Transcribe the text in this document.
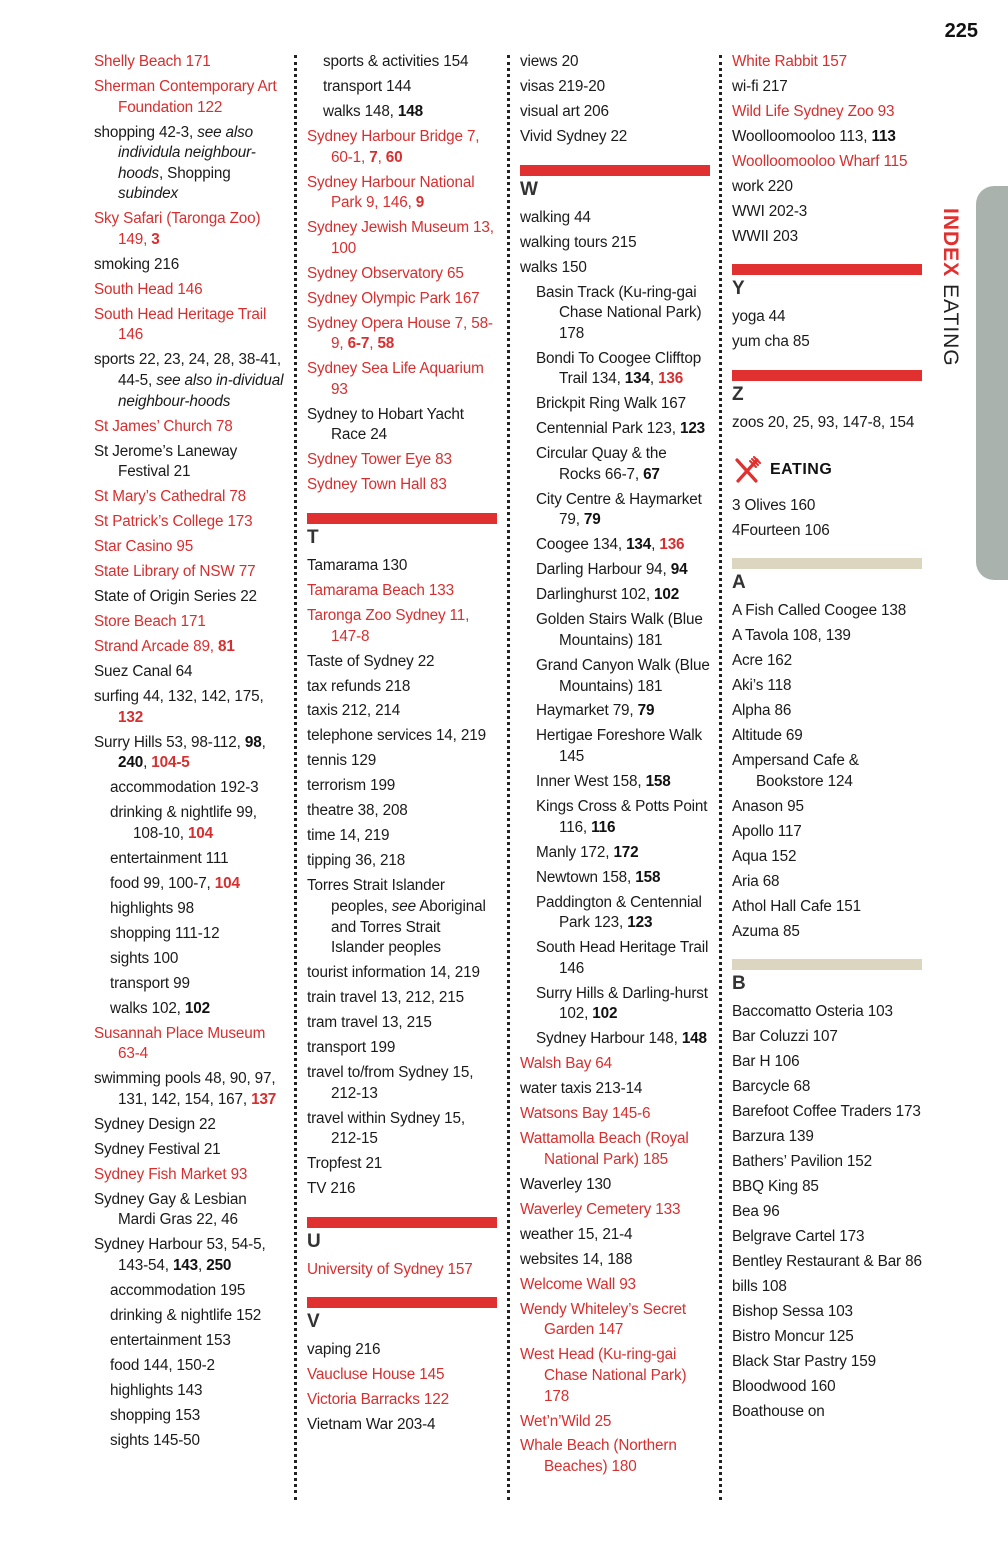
225
INDEX EATING
Shelly Beach 171
Sherman Contemporary Art Foundation 122
shopping 42-3, see also individula neighbour-hoods, Shopping subindex
Sky Safari (Taronga Zoo) 149, 3
smoking 216
South Head 146
South Head Heritage Trail 146
sports 22, 23, 24, 28, 38-41, 44-5, see also in-dividual neighbour-hoods
St James’ Church 78
St Jerome’s Laneway Festival 21
St Mary’s Cathedral 78
St Patrick’s College 173
Star Casino 95
State Library of NSW 77
State of Origin Series 22
Store Beach 171
Strand Arcade 89, 81
Suez Canal 64
surfing 44, 132, 142, 175, 132
Surry Hills 53, 98-112, 98, 240, 104-5
accommodation 192-3
drinking & nightlife 99, 108-10, 104
entertainment 111
food 99, 100-7, 104
highlights 98
shopping 111-12
sights 100
transport 99
walks 102, 102
Susannah Place Museum 63-4
swimming pools 48, 90, 97, 131, 142, 154, 167, 137
Sydney Design 22
Sydney Festival 21
Sydney Fish Market 93
Sydney Gay & Lesbian Mardi Gras 22, 46
Sydney Harbour 53, 54-5, 143-54, 143, 250
accommodation 195
drinking & nightlife 152
entertainment 153
food 144, 150-2
highlights 143
shopping 153
sights 145-50
sports & activities 154
transport 144
walks 148, 148
Sydney Harbour Bridge 7, 60-1, 7, 60
Sydney Harbour National Park 9, 146, 9
Sydney Jewish Museum 13, 100
Sydney Observatory 65
Sydney Olympic Park 167
Sydney Opera House 7, 58-9, 6-7, 58
Sydney Sea Life Aquarium 93
Sydney to Hobart Yacht Race 24
Sydney Tower Eye 83
Sydney Town Hall 83
T
Tamarama 130
Tamarama Beach 133
Taronga Zoo Sydney 11, 147-8
Taste of Sydney 22
tax refunds 218
taxis 212, 214
telephone services 14, 219
tennis 129
terrorism 199
theatre 38, 208
time 14, 219
tipping 36, 218
Torres Strait Islander peoples, see Aboriginal and Torres Strait Islander peoples
tourist information 14, 219
train travel 13, 212, 215
tram travel 13, 215
transport 199
travel to/from Sydney 15, 212-13
travel within Sydney 15, 212-15
Tropfest 21
TV 216
U
University of Sydney 157
V
vaping 216
Vaucluse House 145
Victoria Barracks 122
Vietnam War 203-4
views 20
visas 219-20
visual art 206
Vivid Sydney 22
W
walking 44
walking tours 215
walks 150
Basin Track (Ku-ring-gai Chase National Park) 178
Bondi To Coogee Clifftop Trail 134, 134, 136
Brickpit Ring Walk 167
Centennial Park 123, 123
Circular Quay & the Rocks 66-7, 67
City Centre & Haymarket 79, 79
Coogee 134, 134, 136
Darling Harbour 94, 94
Darlinghurst 102, 102
Golden Stairs Walk (Blue Mountains) 181
Grand Canyon Walk (Blue Mountains) 181
Haymarket 79, 79
Hertigae Foreshore Walk 145
Inner West 158, 158
Kings Cross & Potts Point 116, 116
Manly 172, 172
Newtown 158, 158
Paddington & Centennial Park 123, 123
South Head Heritage Trail 146
Surry Hills & Darling-hurst 102, 102
Sydney Harbour 148, 148
Walsh Bay 64
water taxis 213-14
Watsons Bay 145-6
Wattamolla Beach (Royal National Park) 185
Waverley 130
Waverley Cemetery 133
weather 15, 21-4
websites 14, 188
Welcome Wall 93
Wendy Whiteley’s Secret Garden 147
West Head (Ku-ring-gai Chase National Park) 178
Wet’n’Wild 25
Whale Beach (Northern Beaches) 180
White Rabbit 157
wi-fi 217
Wild Life Sydney Zoo 93
Woolloomooloo 113, 113
Woolloomooloo Wharf 115
work 220
WWI 202-3
WWII 203
Y
yoga 44
yum cha 85
Z
zoos 20, 25, 93, 147-8, 154
EATING
3 Olives 160
4Fourteen 106
A
A Fish Called Coogee 138
A Tavola 108, 139
Acre 162
Aki’s 118
Alpha 86
Altitude 69
Ampersand Cafe & Bookstore 124
Anason 95
Apollo 117
Aqua 152
Aria 68
Athol Hall Cafe 151
Azuma 85
B
Baccomatto Osteria 103
Bar Coluzzi 107
Bar H 106
Barcycle 68
Barefoot Coffee Traders 173
Barzura 139
Bathers’ Pavilion 152
BBQ King 85
Bea 96
Belgrave Cartel 173
Bentley Restaurant & Bar 86
bills 108
Bishop Sessa 103
Bistro Moncur 125
Black Star Pastry 159
Bloodwood 160
Boathouse on
